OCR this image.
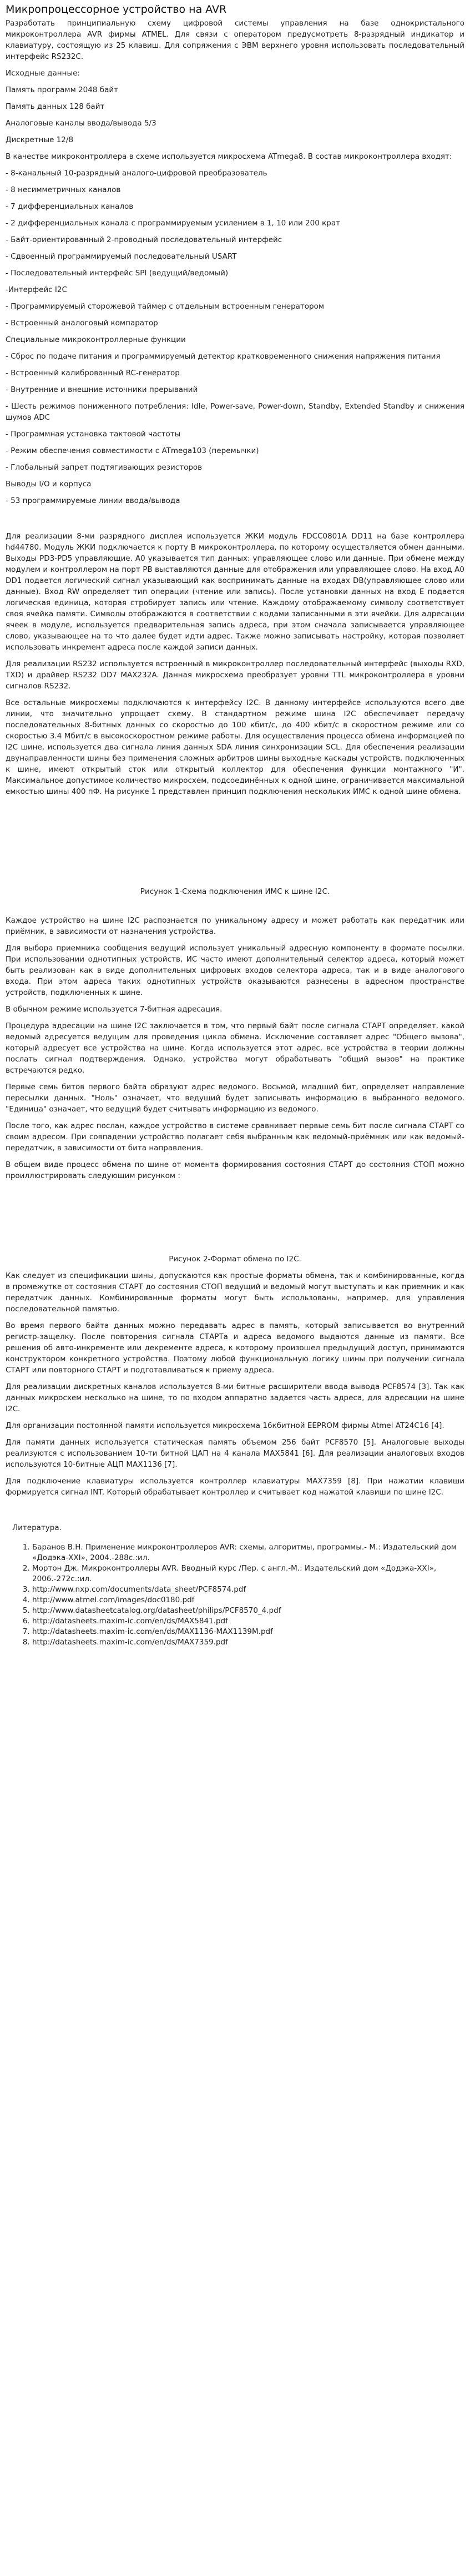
Микропроцессорное устройство на AVR

Разработать принципиальную схему цифровой системы управления на базе однокристального микроконтроллера AVR фирмы ATMEL. Для связи с оператором предусмотреть 8-разрядный индикатор и клавиатуру, состоящую из 25 клавиш. Для сопряжения с ЭВМ верхнего уровня использовать последовательный интерфейс RS232C.

Исходные данные:
Память программ 2048 байт
Память данных 128 байт
Аналоговые каналы ввода/вывода 5/3
Дискретные 12/8

В качестве микроконтроллера в схеме используется микросхема ATmega8. В состав микроконтроллера входят:

- 8-канальный 10-разрядный аналого-цифровой преобразователь

- 8 несимметричных каналов

- 7 дифференциальных каналов

- 2 дифференциальных канала с программируемым усилением в 1, 10 или 200 крат

- Байт-ориентированный 2-проводный последовательный интерфейс

- Сдвоенный программируемый последовательный USART

- Последовательный интерфейс SPI (ведущий/ведомый)

-Интерфейс I2C

- Программируемый сторожевой таймер с отдельным встроенным генератором

- Встроенный аналоговый компаратор

Специальные микроконтроллерные функции

- Сброс по подаче питания и программируемый детектор кратковременного снижения напряжения питания

- Встроенный калиброванный RC-генератор

- Внутренние и внешние источники прерываний

- Шесть режимов пониженного потребления: Idle, Power-save, Power-down, Standby, Extended Standby и снижения шумов ADC

- Программная установка тактовой частоты

- Режим обеспечения совместимости с ATmega103 (перемычки)

- Глобальный запрет подтягивающих резисторов

Выводы I/O и корпуса

- 53 программируемые линии ввода/вывода

Для реализации 8-ми разрядного дисплея используется ЖКИ модуль FDCC0801A DD11 на базе контроллера hd44780. Модуль ЖКИ подключается к порту B микроконтроллера, по которому осуществляется обмен данными. Выходы PD3-PD5 управляющие. А0 указывается тип данных: управляющее слово или данные. При обмене между модулем и контроллером на порт PB выставляются данные для отображения или управляющее слово. На вход A0 DD1 подается логический сигнал указывающий как воспринимать данные на входах DB(управляющее слово или данные). Вход RW определяет тип операции (чтение или запись). После установки данных на вход E подается логическая единица, которая стробирует запись или чтение. Каждому отображаемому символу соответствует своя ячейка памяти. Символы отображаются в соответствии с кодами записанными в эти ячейки. Для адресации ячеек в модуле, используется предварительная запись адреса, при этом сначала записывается управляющее слово, указывающее на то что далее будет идти адрес. Также можно записывать настройку, которая позволяет использовать инкремент адреса после каждой записи данных.

Для реализации RS232 используется встроенный в микроконтроллер последовательный интерфейс (выходы RXD, TXD) и драйвер RS232 DD7 MAX232A. Данная микросхема преобразует уровни TTL микроконтроллера в уровни сигналов RS232.

Все остальные микросхемы подключаются к интерфейсу I2C. В данному интерфейсе используются всего две линии, что значительно упрощает схему. В стандартном режиме шина I2C обеспечивает передачу последовательных 8-битных данных со скоростью до 100 кбит/с, до 400 кбит/с в скоростном режиме или со скоростью 3.4 Мбит/с в высокоскоростном режиме работы. Для осуществления процесса обмена информацией по I2C шине, используется два сигнала линия данных SDA линия синхронизации SCL. Для обеспечения реализации двунаправленности шины без применения сложных арбитров шины выходные каскады устройств, подключенных к шине, имеют открытый сток или открытый коллектор для обеспечения функции монтажного "И". Максимальное допустимое количество микросхем, подсоединённых к одной шине, ограничивается максимальной емкостью шины 400 пФ. На рисунке 1 представлен принцип подключения нескольких ИМС к одной шине обмена.

Рисунок 1-Схема подключения ИМС к шине I2C.

Каждое устройство на шине I2C распознается по уникальному адресу и может работать как передатчик или приёмник, в зависимости от назначения устройства.

Для выбора приемника сообщения ведущий использует уникальный адресную компоненту в формате посылки. При использовании однотипных устройств, ИС часто имеют дополнительный селектор адреса, который может быть реализован как в виде дополнительных цифровых входов селектора адреса, так и в виде аналогового входа. При этом адреса таких однотипных устройств оказываются разнесены в адресном пространстве устройств, подключенных к шине.

В обычном режиме используется 7-битная адресация.

Процедура адресации на шине I2C заключается в том, что первый байт после сигнала СТАРТ определяет, какой ведомый адресуется ведущим для проведения цикла обмена. Исключение составляет адрес "Общего вызова", который адресует все устройства на шине. Когда используется этот адрес, все устройства в теории должны послать сигнал подтверждения. Однако, устройства могут обрабатывать "общий вызов" на практике встречаются редко.

Первые семь битов первого байта образуют адрес ведомого. Восьмой, младший бит, определяет направление пересылки данных. "Ноль" означает, что ведущий будет записывать информацию в выбранного ведомого. "Единица" означает, что ведущий будет считывать информацию из ведомого.

После того, как адрес послан, каждое устройство в системе сравнивает первые семь бит после сигнала СТАРТ со своим адресом. При совпадении устройство полагает себя выбранным как ведомый-приёмник или как ведомый-передатчик, в зависимости от бита направления.

В общем виде процесс обмена по шине от момента формирования состояния СТАРТ до состояния СТОП можно проиллюстрировать следующим рисунком :

Рисунок 2-Формат обмена по I2C.

Как следует из спецификации шины, допускаются как простые форматы обмена, так и комбинированные, когда в промежутке от состояния СТАРТ до состояния СТОП ведущий и ведомый могут выступать и как приемник и как передатчик данных. Комбинированные форматы могут быть использованы, например, для управления последовательной памятью.

Во время первого байта данных можно передавать адрес в память, который записывается во внутренний регистр-защелку. После повторения сигнала СТАРТа и адреса ведомого выдаются данные из памяти. Все решения об авто-инкременте или декременте адреса, к которому произошел предыдущий доступ, принимаются конструктором конкретного устройства. Поэтому любой функциональную логику шины при получении сигнала СТАРТ или повторного СТАРТ и подготавливаться к приему адреса.

Для реализации дискретных каналов используется 8-ми битные расширители ввода вывода PCF8574 [3]. Так как данных микросхем несколько на шине, то по входом аппаратно задается часть адреса, для адресации на шине I2C.

Для организации постоянной памяти используется микросхема 16кбитной EEPROM фирмы Atmel AT24C16 [4].

Для памяти данных используется статическая память объемом 256 байт PCF8570 [5]. Аналоговые выходы реализуются с использованием 10-ти битной ЦАП на 4 канала MAX5841 [6]. Для реализации аналоговых входов используются 10-битные АЦП MAX1136 [7].

Для подключение клавиатуры используется контроллер клавиатуры MAX7359 [8]. При нажатии клавиши формируется сигнал INT. Который обрабатывает контроллер и считывает код нажатой клавиши по шине I2C.

Литература.

1. Баранов В.Н. Применение микроконтроллеров AVR: схемы, алгоритмы, программы.- М.: Издательский дом «Додэка-XXI», 2004.-288с.:ил.
2. Мортон Дж. Микроконтроллеры AVR. Вводный курс /Пер. с англ.-М.: Издательский дом «Додэка-XXI», 2006.-272с.:ил.
3. http://www.nxp.com/documents/data_sheet/PCF8574.pdf
4. http://www.atmel.com/images/doc0180.pdf
5. http://www.datasheetcatalog.org/datasheet/philips/PCF8570_4.pdf
6. http://datasheets.maxim-ic.com/en/ds/MAX5841.pdf
7. http://datasheets.maxim-ic.com/en/ds/MAX1136-MAX1139M.pdf
8. http://datasheets.maxim-ic.com/en/ds/MAX7359.pdf
